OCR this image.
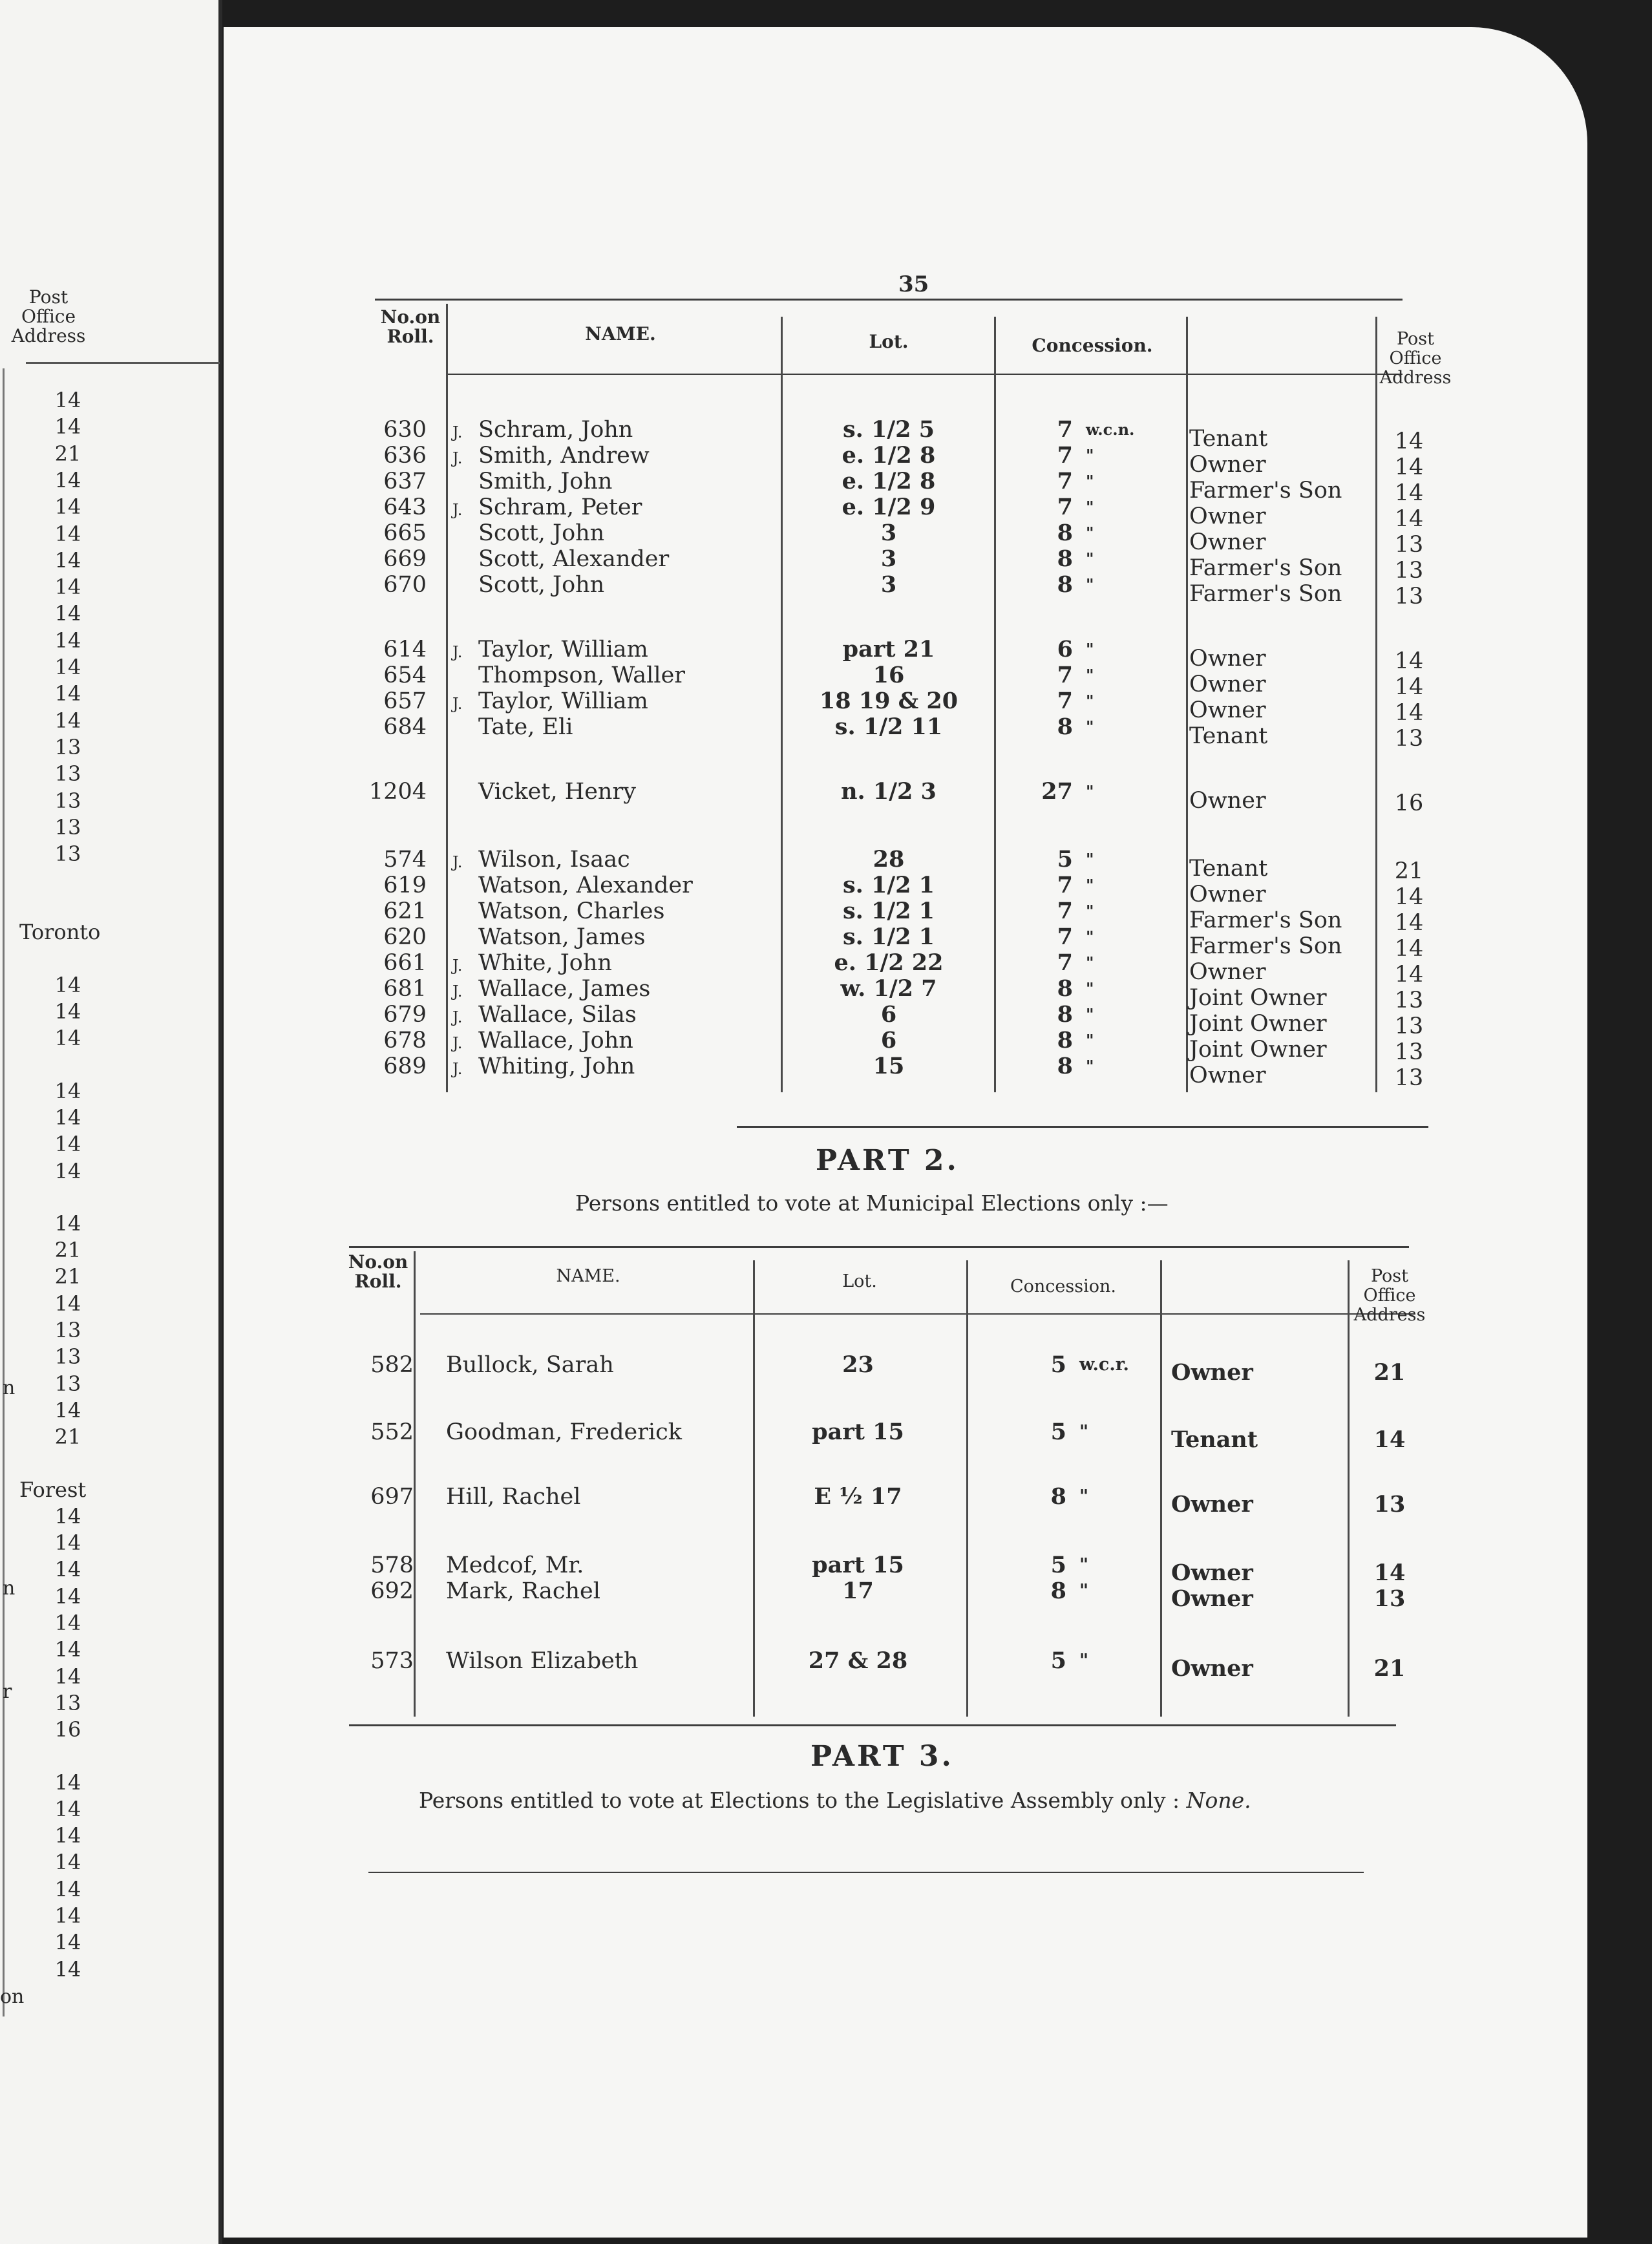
Post
Office
Address
14
14
21
14
14
14
14
14
14
14
14
14
14
13
13
13
13
13
Toronto
14
14
14
14
14
14
14
14
21
21
14
13
13
13
14
21
Forest
14
14
14
14
14
14
14
13
16
14
14
14
14
14
14
14
14
n
n
r
on
35
No.on
Roll.	NAME.	Lot.	Concession.	Post
Office
Address
630 J. Schram, John	s. 1/2 5	7 w.c.n. Tenant	14
636 J. Smith, Andrew	e. 1/2 8	7 "	Owner	14
637 Smith, John	e. 1/2 8	7 "	Farmer's Son	14
643 J. Schram, Peter	e. 1/2 9	7 "	Owner	14
665 Scott, John	3	8 "	Owner	13
669 Scott, Alexander	3	8 "	Farmer's Son	13
670 Scott, John	3	8 "	Farmer's Son	13
614 J. Taylor, William	part 21	6 "	Owner	14
654 Thompson, Waller	16	7 "	Owner	14
657 J. Taylor, William	18 19 & 20	7 "	Owner	14
684 Tate, Eli	s. 1/2 11	8 "	Tenant	13
1204 Vicket, Henry	n. 1/2 3	27 "	Owner	16
574 J. Wilson, Isaac	28	5 "	Tenant	21
619 Watson, Alexander	s. 1/2 1	7 "	Owner	14
621 Watson, Charles	s. 1/2 1	7 "	Farmer's Son	14
620 Watson, James	s. 1/2 1	7 "	Farmer's Son	14
661 J. White, John	e. 1/2 22	7 "	Owner	14
681 J. Wallace, James	w. 1/2 7	8 "	Joint Owner	13
679 J. Wallace, Silas	6	8 "	Joint Owner	13
678 J. Wallace, John	6	8 "	Joint Owner	13
689 J. Whiting, John	15	8 "	Owner	13
PART 2.
Persons entitled to vote at Municipal Elections only :—
No.on
Roll.	NAME.	Lot.	Concession.
Post
Office
Address
582 Bullock, Sarah	23	5 w.c.r. Owner	21
552 Goodman, Frederick	part 15	5 "	Tenant	14
697 Hill, Rachel	E ½ 17	8 "	Owner	13
578 Medcof, Mr.	part 15	5 "	Owner	14
692 Mark, Rachel	17	8 "	Owner	13
573 Wilson Elizabeth	27 & 28	5 "	Owner	21
PART 3.
Persons entitled to vote at Elections to the Legislative Assembly only : None.
